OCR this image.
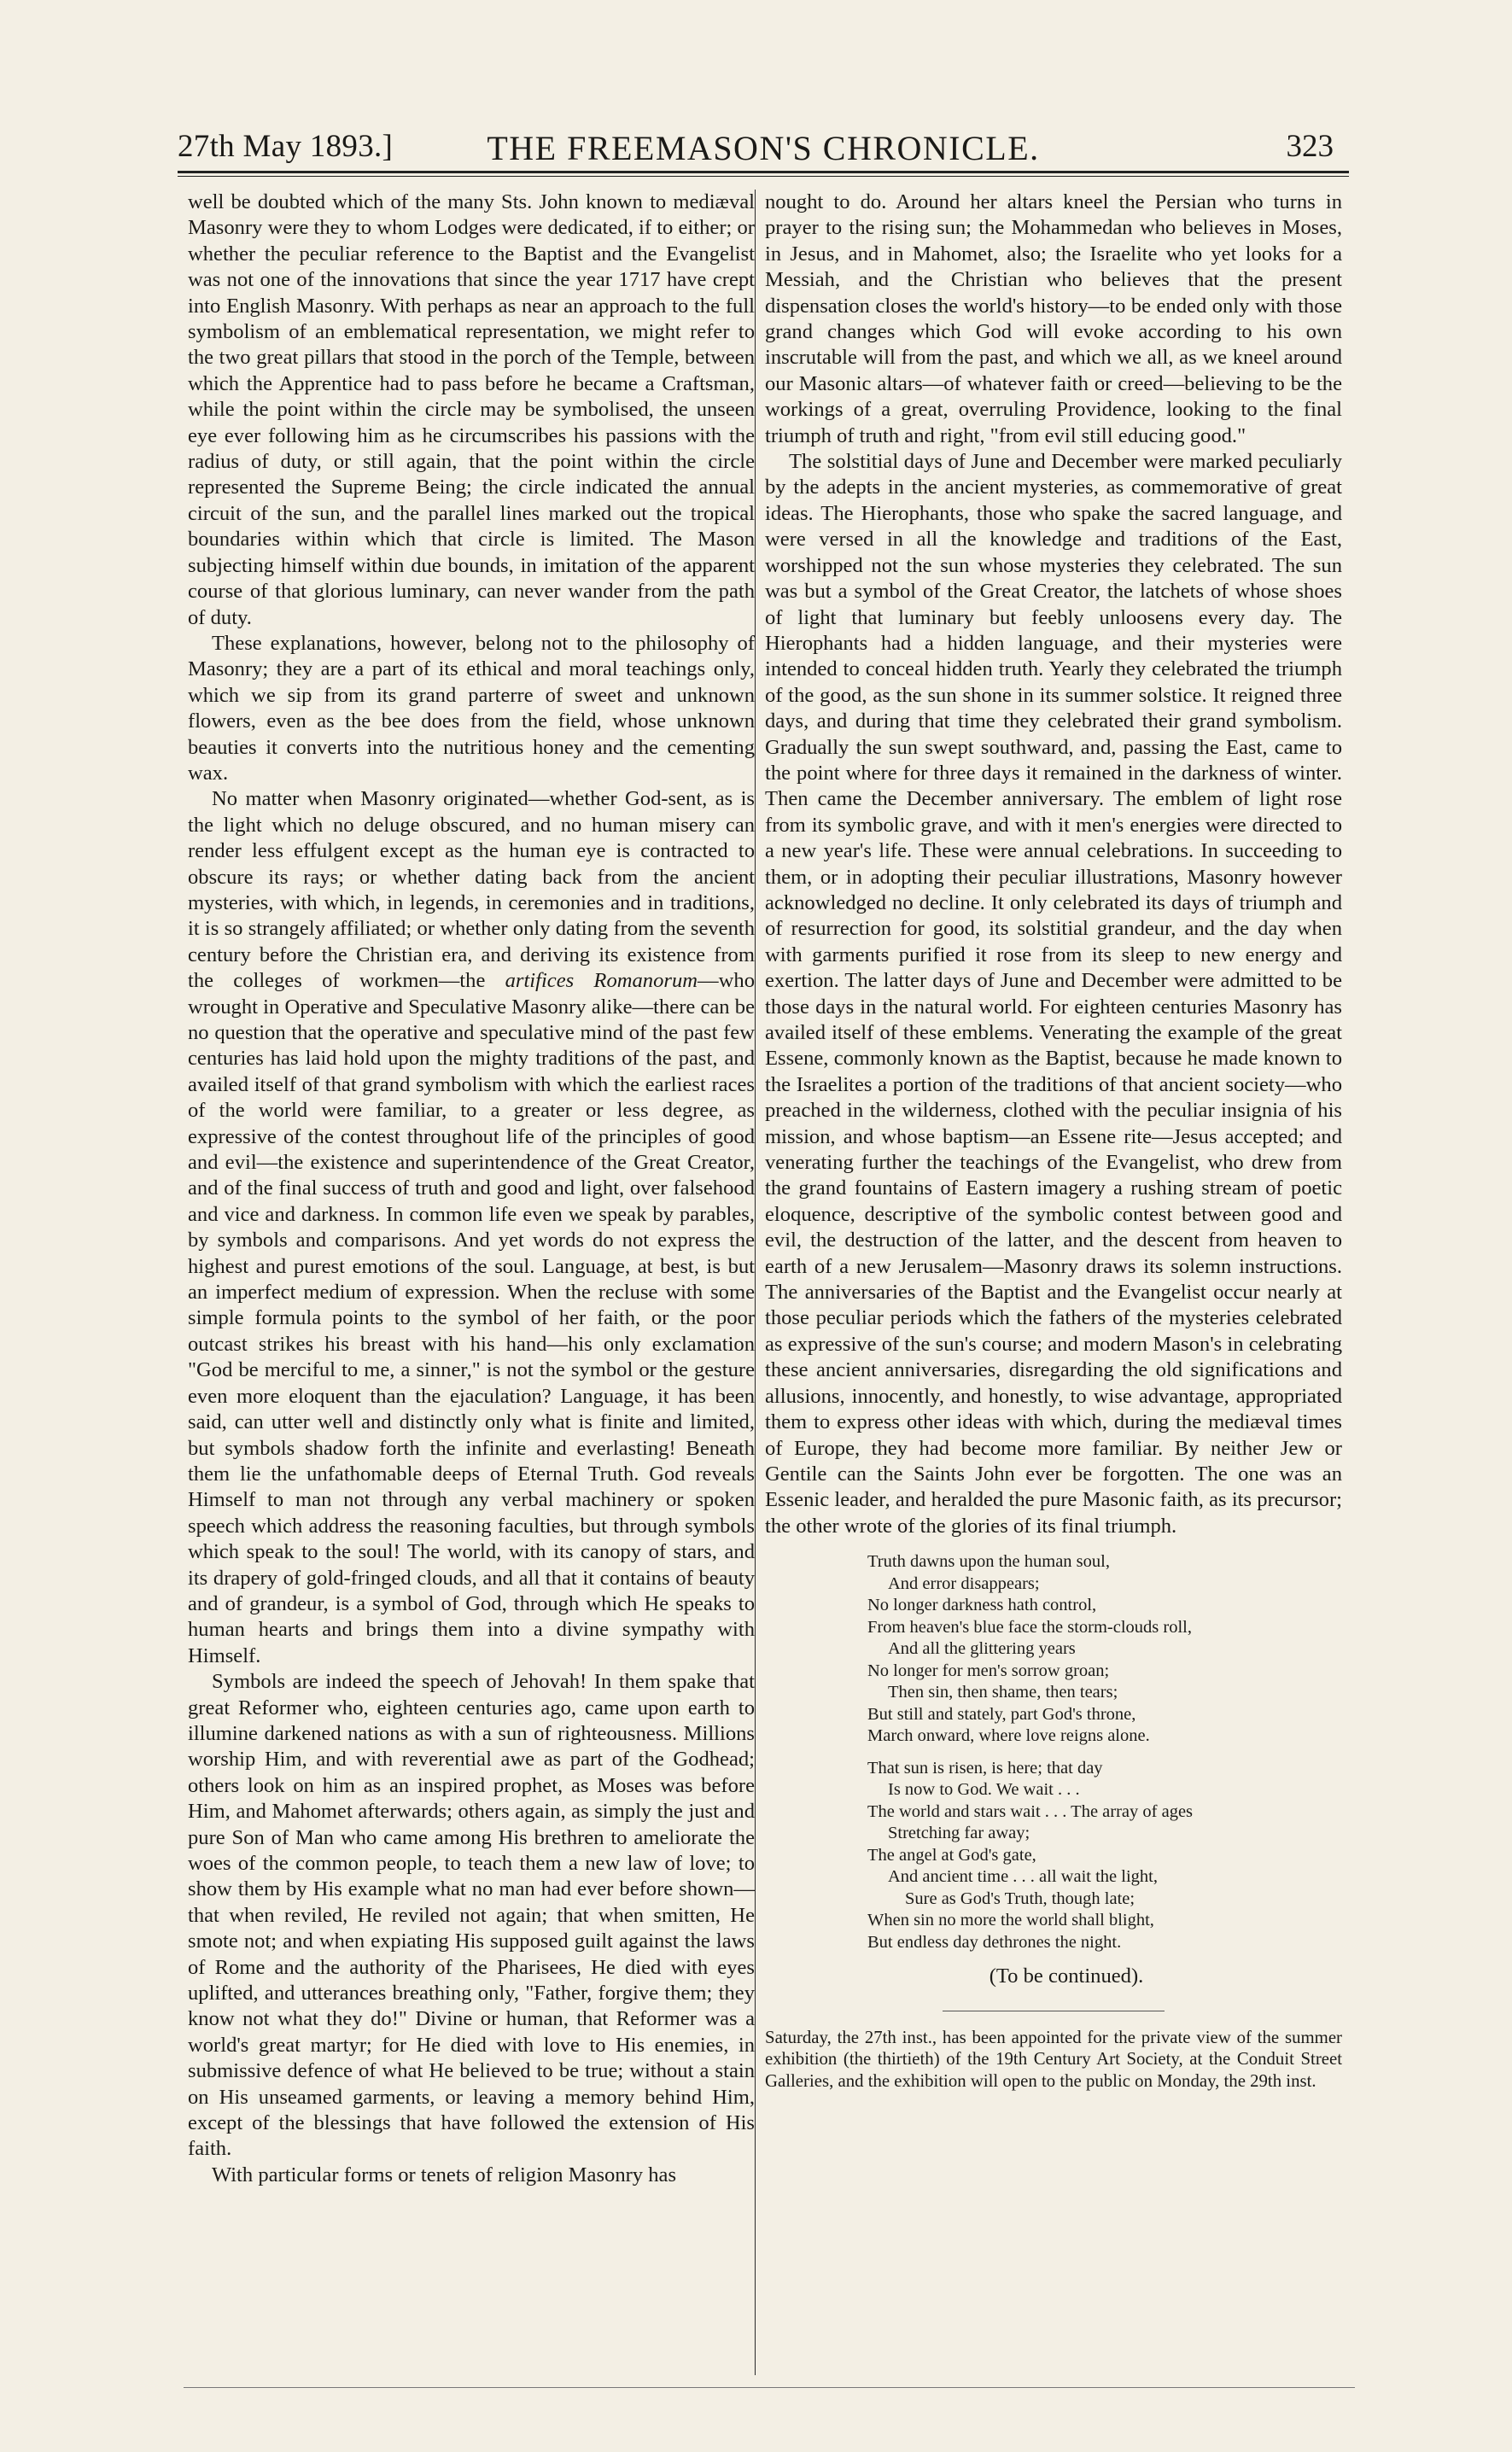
27th May 1893.]	THE FREEMASON'S CHRONICLE.	323

well be doubted which of the many Sts. John known to mediæval Masonry were they to whom Lodges were dedicated, if to either; or whether the peculiar reference to the Baptist and the Evangelist was not one of the innovations that since the year 1717 have crept into English Masonry. With perhaps as near an approach to the full symbolism of an emblematical representation, we might refer to the two great pillars that stood in the porch of the Temple, between which the Apprentice had to pass before he became a Craftsman, while the point within the circle may be symbolised, the unseen eye ever following him as he circumscribes his passions with the radius of duty, or still again, that the point within the circle represented the Supreme Being; the circle indicated the annual circuit of the sun, and the parallel lines marked out the tropical boundaries within which that circle is limited. The Mason subjecting himself within due bounds, in imitation of the apparent course of that glorious luminary, can never wander from the path of duty.

These explanations, however, belong not to the philosophy of Masonry; they are a part of its ethical and moral teachings only, which we sip from its grand parterre of sweet and unknown flowers, even as the bee does from the field, whose unknown beauties it converts into the nutritious honey and the cementing wax.

No matter when Masonry originated—whether God-sent, as is the light which no deluge obscured, and no human misery can render less effulgent except as the human eye is contracted to obscure its rays; or whether dating back from the ancient mysteries, with which, in legends, in ceremonies and in traditions, it is so strangely affiliated; or whether only dating from the seventh century before the Christian era, and deriving its existence from the colleges of workmen—the artifices Romanorum—who wrought in Operative and Speculative Masonry alike—there can be no question that the operative and speculative mind of the past few centuries has laid hold upon the mighty traditions of the past, and availed itself of that grand symbolism with which the earliest races of the world were familiar, to a greater or less degree, as expressive of the contest throughout life of the principles of good and evil—the existence and superintendence of the Great Creator, and of the final success of truth and good and light, over falsehood and vice and darkness. In common life even we speak by parables, by symbols and comparisons. And yet words do not express the highest and purest emotions of the soul. Language, at best, is but an imperfect medium of expression. When the recluse with some simple formula points to the symbol of her faith, or the poor outcast strikes his breast with his hand—his only exclamation "God be merciful to me, a sinner," is not the symbol or the gesture even more eloquent than the ejaculation? Language, it has been said, can utter well and distinctly only what is finite and limited, but symbols shadow forth the infinite and everlasting! Beneath them lie the unfathomable deeps of Eternal Truth. God reveals Himself to man not through any verbal machinery or spoken speech which address the reasoning faculties, but through symbols which speak to the soul! The world, with its canopy of stars, and its drapery of gold-fringed clouds, and all that it contains of beauty and of grandeur, is a symbol of God, through which He speaks to human hearts and brings them into a divine sympathy with Himself.

Symbols are indeed the speech of Jehovah! In them spake that great Reformer who, eighteen centuries ago, came upon earth to illumine darkened nations as with a sun of righteousness. Millions worship Him, and with reverential awe as part of the Godhead; others look on him as an inspired prophet, as Moses was before Him, and Mahomet afterwards; others again, as simply the just and pure Son of Man who came among His brethren to ameliorate the woes of the common people, to teach them a new law of love; to show them by His example what no man had ever before shown—that when reviled, He reviled not again; that when smitten, He smote not; and when expiating His supposed guilt against the laws of Rome and the authority of the Pharisees, He died with eyes uplifted, and utterances breathing only, "Father, forgive them; they know not what they do!" Divine or human, that Reformer was a world's great martyr; for He died with love to His enemies, in submissive defence of what He believed to be true; without a stain on His unseamed garments, or leaving a memory behind Him, except of the blessings that have followed the extension of His faith.

With particular forms or tenets of religion Masonry has

nought to do. Around her altars kneel the Persian who turns in prayer to the rising sun; the Mohammedan who believes in Moses, in Jesus, and in Mahomet, also; the Israelite who yet looks for a Messiah, and the Christian who believes that the present dispensation closes the world's history—to be ended only with those grand changes which God will evoke according to his own inscrutable will from the past, and which we all, as we kneel around our Masonic altars—of whatever faith or creed—believing to be the workings of a great, overruling Providence, looking to the final triumph of truth and right, "from evil still educing good."

The solstitial days of June and December were marked peculiarly by the adepts in the ancient mysteries, as commemorative of great ideas. The Hierophants, those who spake the sacred language, and were versed in all the knowledge and traditions of the East, worshipped not the sun whose mysteries they celebrated. The sun was but a symbol of the Great Creator, the latchets of whose shoes of light that luminary but feebly unloosens every day. The Hierophants had a hidden language, and their mysteries were intended to conceal hidden truth. Yearly they celebrated the triumph of the good, as the sun shone in its summer solstice. It reigned three days, and during that time they celebrated their grand symbolism. Gradually the sun swept southward, and, passing the East, came to the point where for three days it remained in the darkness of winter. Then came the December anniversary. The emblem of light rose from its symbolic grave, and with it men's energies were directed to a new year's life. These were annual celebrations. In succeeding to them, or in adopting their peculiar illustrations, Masonry however acknowledged no decline. It only celebrated its days of triumph and of resurrection for good, its solstitial grandeur, and the day when with garments purified it rose from its sleep to new energy and exertion. The latter days of June and December were admitted to be those days in the natural world. For eighteen centuries Masonry has availed itself of these emblems. Venerating the example of the great Essene, commonly known as the Baptist, because he made known to the Israelites a portion of the traditions of that ancient society—who preached in the wilderness, clothed with the peculiar insignia of his mission, and whose baptism—an Essene rite—Jesus accepted; and venerating further the teachings of the Evangelist, who drew from the grand fountains of Eastern imagery a rushing stream of poetic eloquence, descriptive of the symbolic contest between good and evil, the destruction of the latter, and the descent from heaven to earth of a new Jerusalem—Masonry draws its solemn instructions. The anniversaries of the Baptist and the Evangelist occur nearly at those peculiar periods which the fathers of the mysteries celebrated as expressive of the sun's course; and modern Mason's in celebrating these ancient anniversaries, disregarding the old significations and allusions, innocently, and honestly, to wise advantage, appropriated them to express other ideas with which, during the mediæval times of Europe, they had become more familiar. By neither Jew or Gentile can the Saints John ever be forgotten. The one was an Essenic leader, and heralded the pure Masonic faith, as its precursor; the other wrote of the glories of its final triumph.

Truth dawns upon the human soul,
And error disappears;
No longer darkness hath control,
From heaven's blue face the storm-clouds roll,
And all the glittering years
No longer for men's sorrow groan;
Then sin, then shame, then tears;
But still and stately, part God's throne,
March onward, where love reigns alone.
That sun is risen, is here; that day
Is now to God. We wait . . .
The world and stars wait . . . The array of ages
Stretching far away;
The angel at God's gate,
And ancient time . . . all wait the light,
Sure as God's Truth, though late;
When sin no more the world shall blight,
But endless day dethrones the night.
(To be continued).

Saturday, the 27th inst., has been appointed for the private view of the summer exhibition (the thirtieth) of the 19th Century Art Society, at the Conduit Street Galleries, and the exhibition will open to the public on Monday, the 29th inst.
